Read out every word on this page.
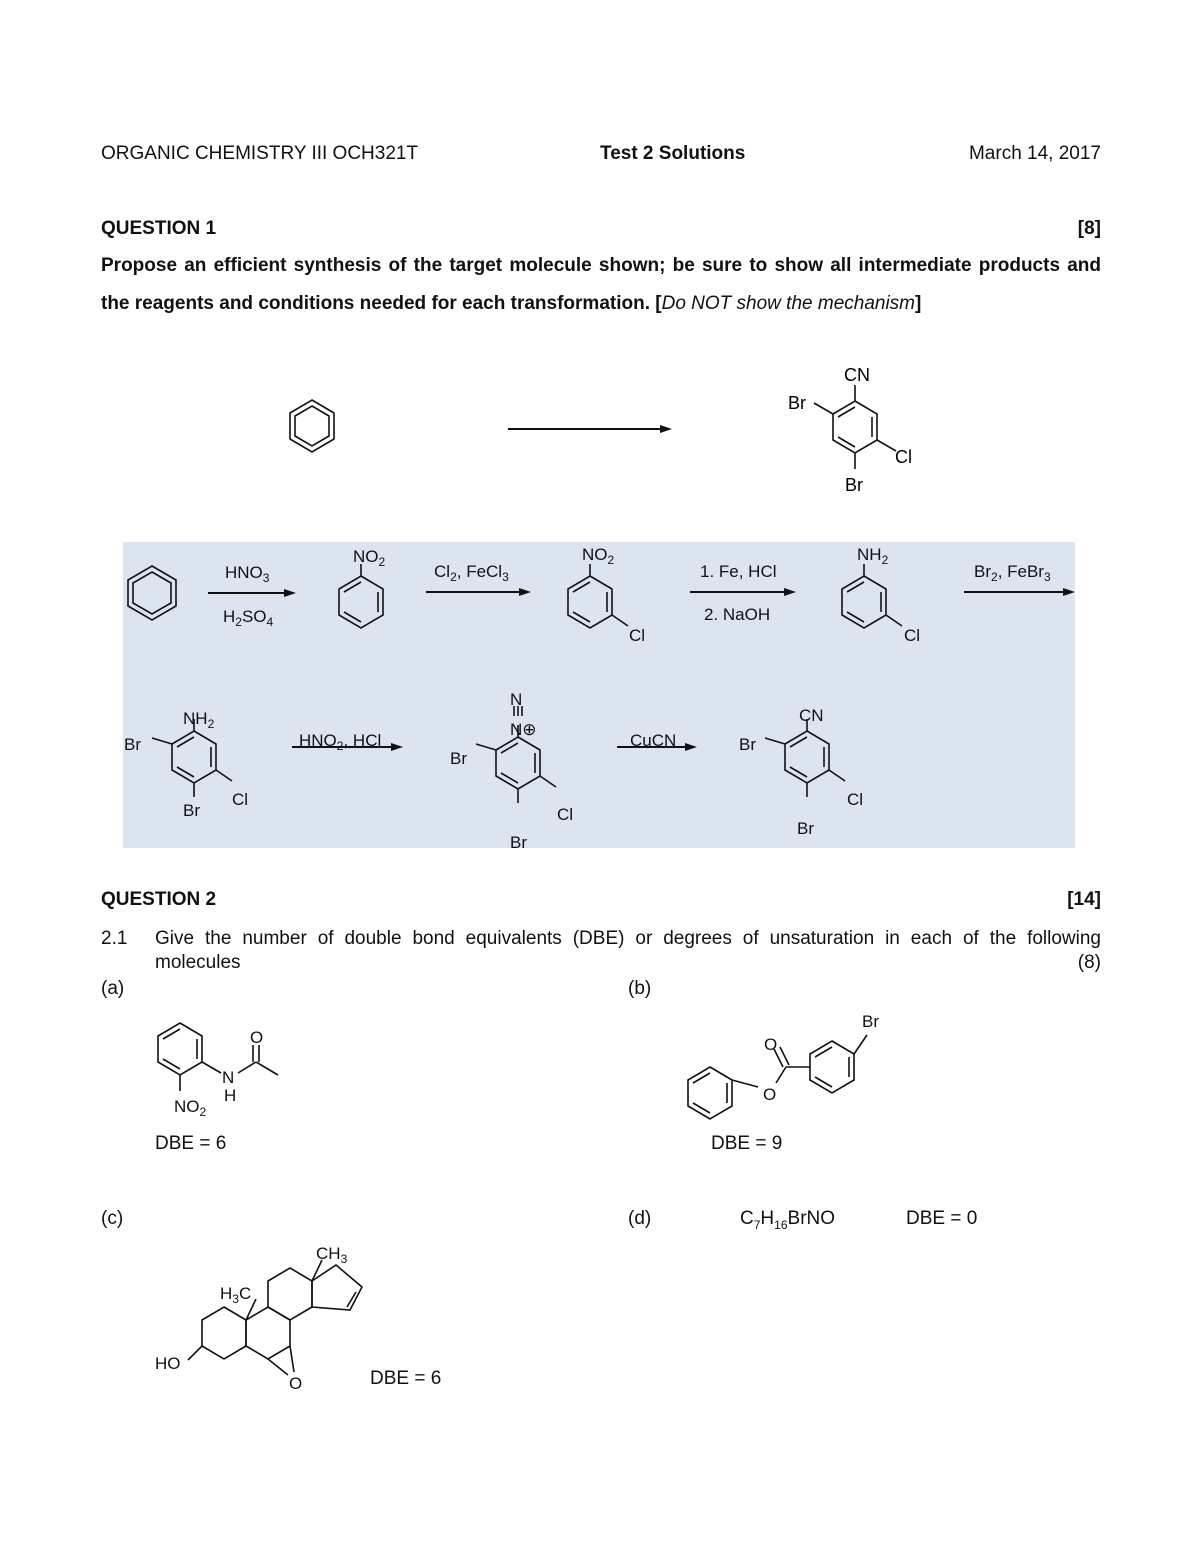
ORGANIC CHEMISTRY III OCH321T	Test 2 Solutions	March 14, 2017
QUESTION 1	[8]
Propose an efficient synthesis of the target molecule shown; be sure to show all intermediate products and the reagents and conditions needed for each transformation. [Do NOT show the mechanism]
CN
Br
Cl
Br
$HNO_3$
$H_2SO_4$
$Cl_2$, FeCl$_3$	1. Fe, HCl
2. NaOH
$Br_2$, FeBr$_3$
$HNO_2$, HCl	CuCN
$NO_2$	$NO_2$
Cl
$NH_2$
Cl
$NH_2$
Br
Cl
Br
N
N⊕
Br
Cl
Br
CN
Br
Cl
Br
QUESTION 2	[14]
2.1 Give the number of double bond equivalents (DBE) or degrees of unsaturation in each of the following molecules	(8)
(a)	(b)
(c)	(d)
O
N
H
$NO_2$
DBE = 6
Br
O
O
DBE = 9
$CH_3$
$H_3C$
HO
O	DBE = 6
$C_7H_{16}BrNO$	DBE = 0
